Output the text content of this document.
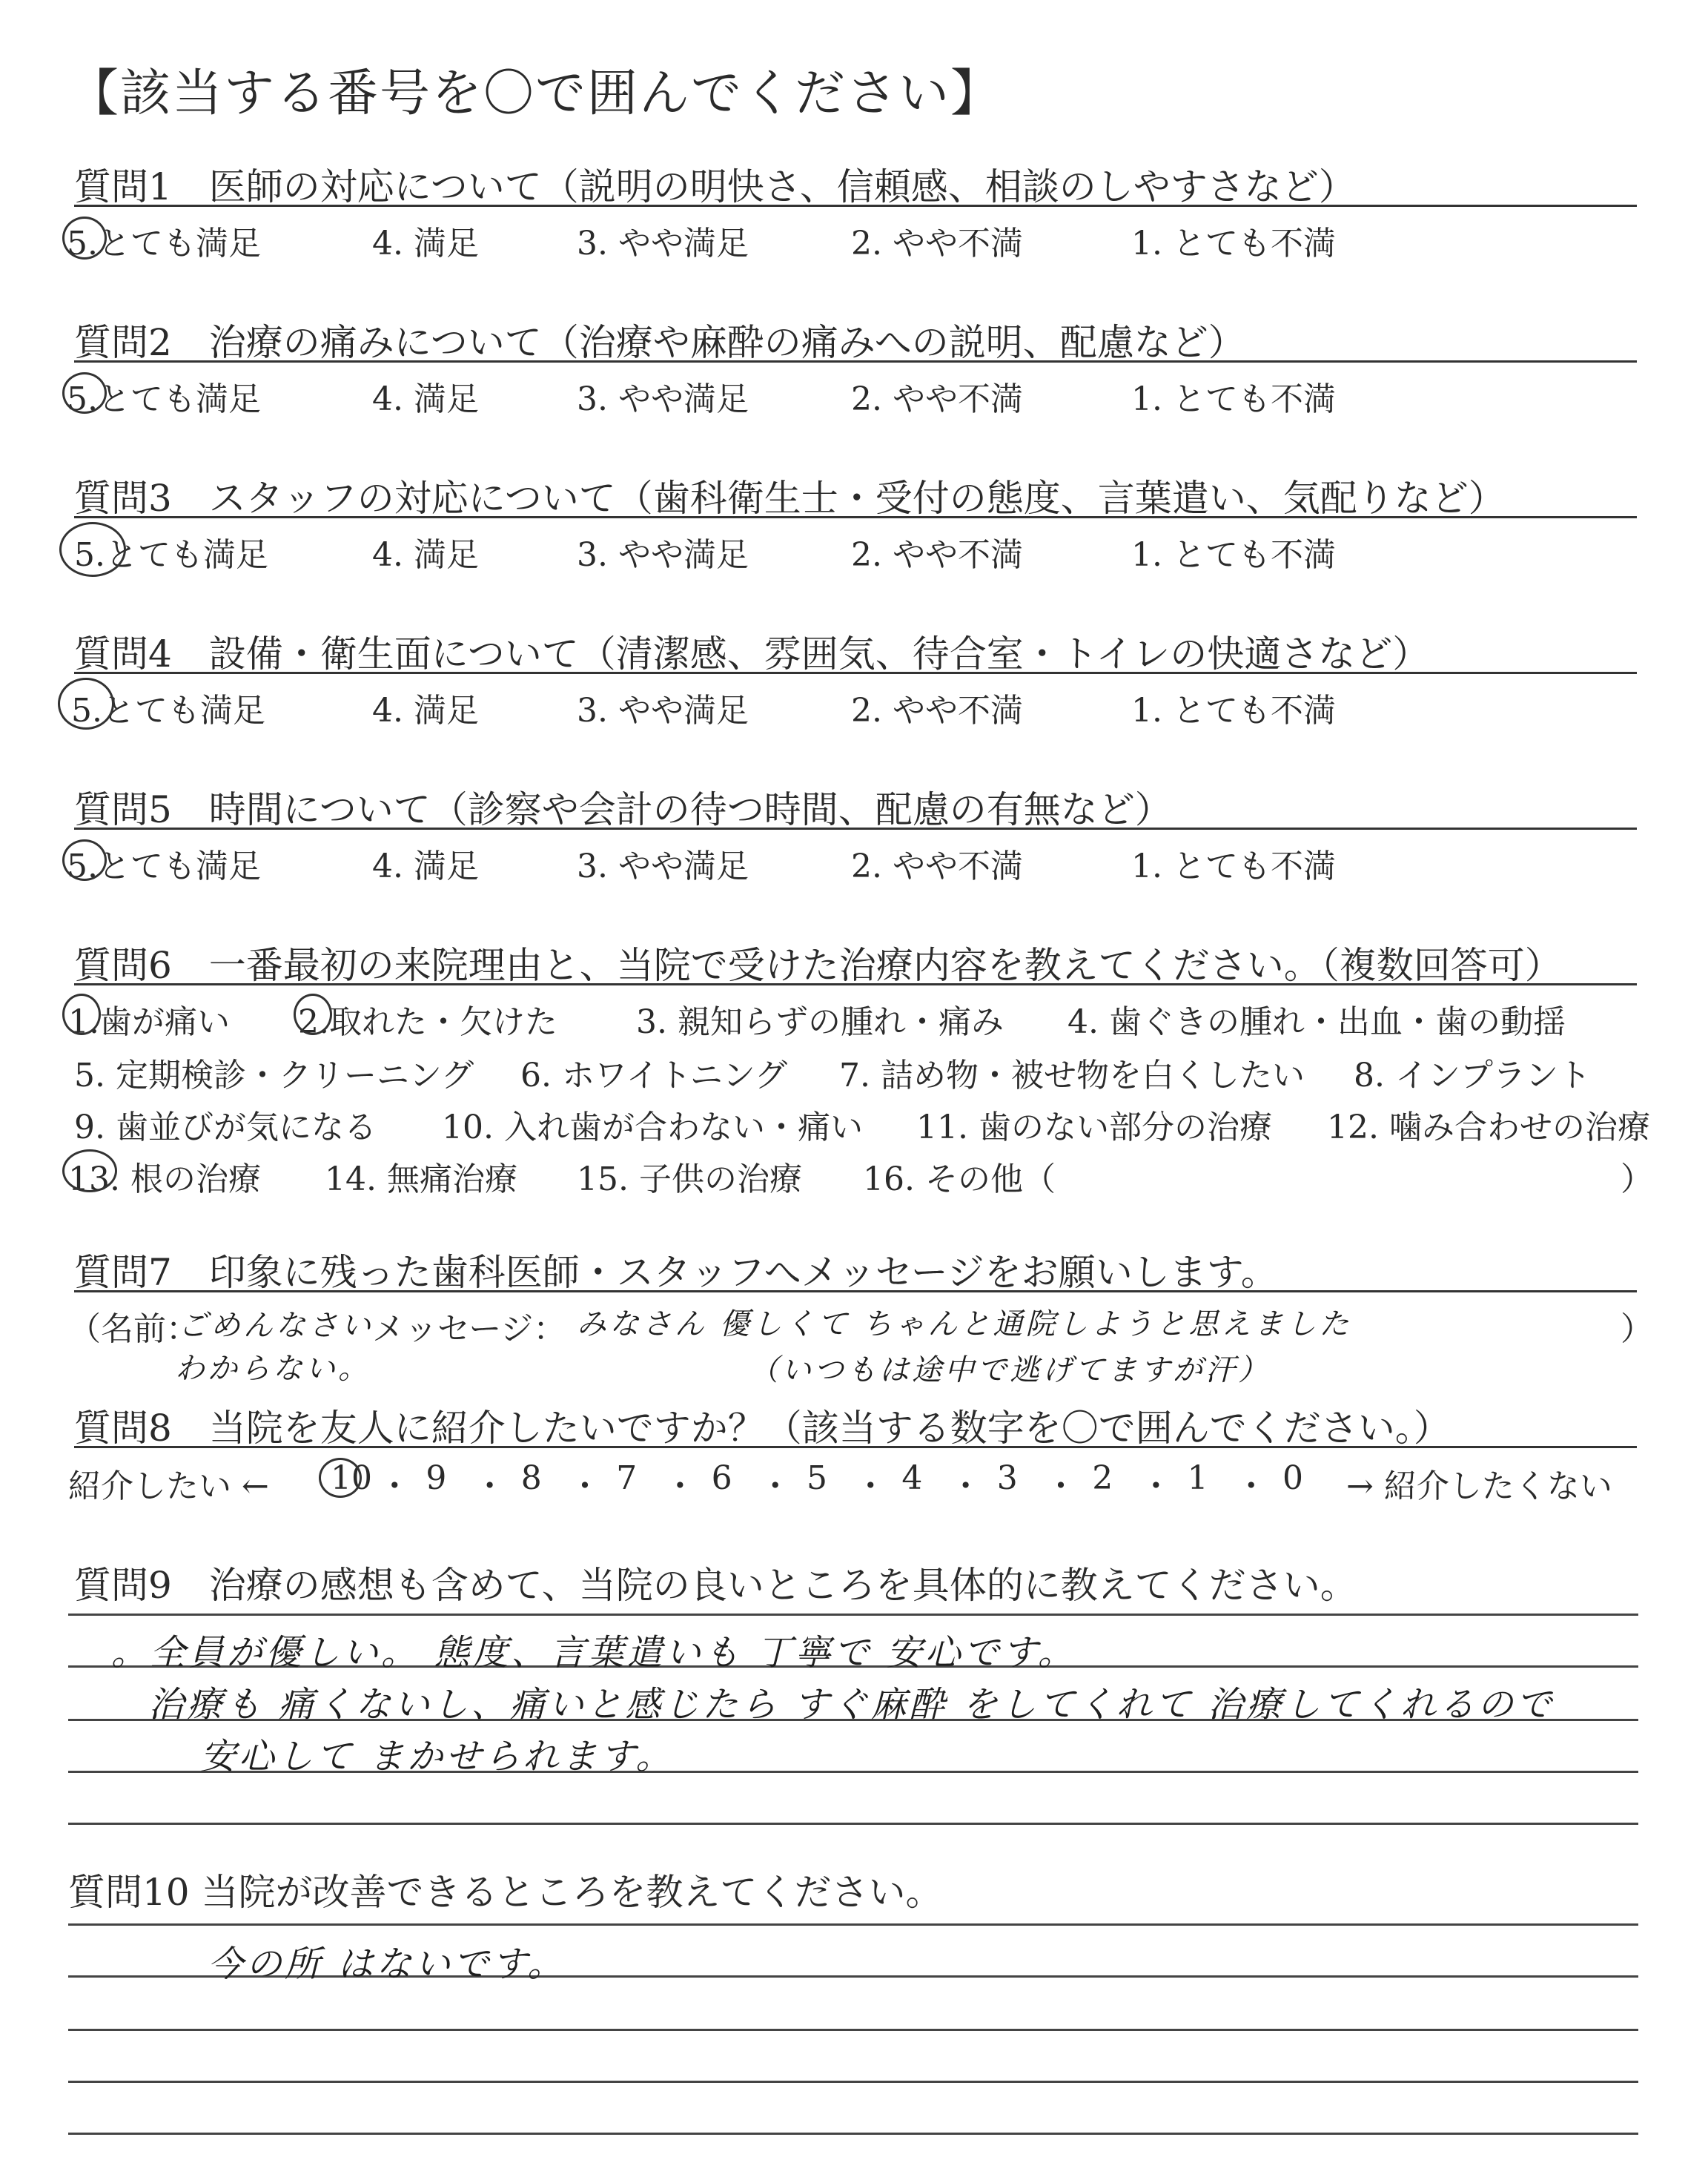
【該当する番号を〇で囲んでください】
質問1　医師の対応について（説明の明快さ、信頼感、相談のしやすさなど）
5.とても満足	4. 満足	3. やや満足	2. やや不満	1. とても不満
質問2　治療の痛みについて（治療や麻酔の痛みへの説明、配慮など）
5.とても満足	4. 満足	3. やや満足	2. やや不満	1. とても不満
質問3　スタッフの対応について（歯科衛生士・受付の態度、言葉遣い、気配りなど）
5.とても満足	4. 満足	3. やや満足	2. やや不満	1. とても不満
質問4　設備・衛生面について（清潔感、雰囲気、待合室・トイレの快適さなど）
5.とても満足	4. 満足	3. やや満足	2. やや不満	1. とても不満
質問5　時間について（診察や会計の待つ時間、配慮の有無など）
5.とても満足	4. 満足	3. やや満足	2. やや不満	1. とても不満
質問6　一番最初の来院理由と、当院で受けた治療内容を教えてください。（複数回答可）
1.歯が痛い 2.取れた・欠けた 3. 親知らずの腫れ・痛み 4. 歯ぐきの腫れ・出血・歯の動揺
5. 定期検診・クリーニング 6. ホワイトニング 7. 詰め物・被せ物を白くしたい 8. インプラント
9. 歯並びが気になる 10. 入れ歯が合わない・痛い 11. 歯のない部分の治療 12. 噛み合わせの治療
13. 根の治療 14. 無痛治療 15. 子供の治療 16. その他（	）
質問7　印象に残った歯科医師・スタッフへメッセージをお願いします。
（名前：
ごめんなさい
わからない。
メッセージ： みなさん 優しくて ちゃんと通院しようと思えました
（いつもは途中で逃げてますが汗）
）
質問8　当院を友人に紹介したいですか？（該当する数字を〇で囲んでください。）
紹介したい ←	→ 紹介したくない
10 ・ 9 ・ 8 ・ 7 ・ 6 ・ 5 ・ 4 ・ 3 ・ 2 ・ 1 ・ 0
質問9　治療の感想も含めて、当院の良いところを具体的に教えてください。
。全員が優しい。 態度、言葉遣いも 丁寧で 安心です。
治療も 痛くないし、痛いと感じたら すぐ麻酔 をしてくれて 治療してくれるので
安心して まかせられます。
質問10 当院が改善できるところを教えてください。
今の所 はないです。
